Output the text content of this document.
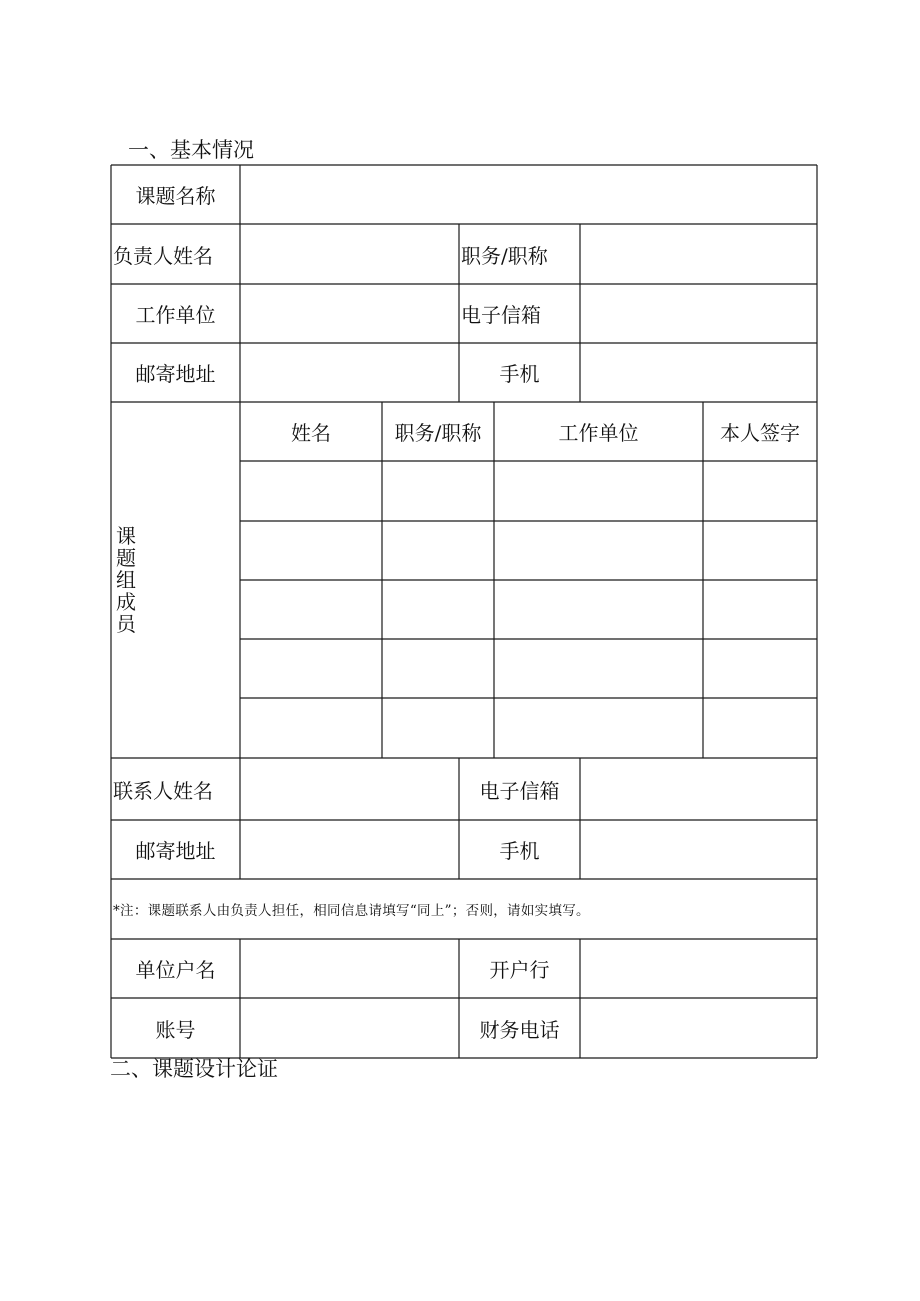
一、基本情况
课题名称
负责人姓名	职务/职称
工作单位	电子信箱
邮寄地址	手机
课
题
组
成
员
姓名	职务/职称	工作单位	本人签字
联系人姓名	电子信箱
邮寄地址	手机
*注：课题联系人由负责人担任，相同信息请填写“同上”；否则，请如实填写。
单位户名	开户行
账号	财务电话
二、课题设计论证
